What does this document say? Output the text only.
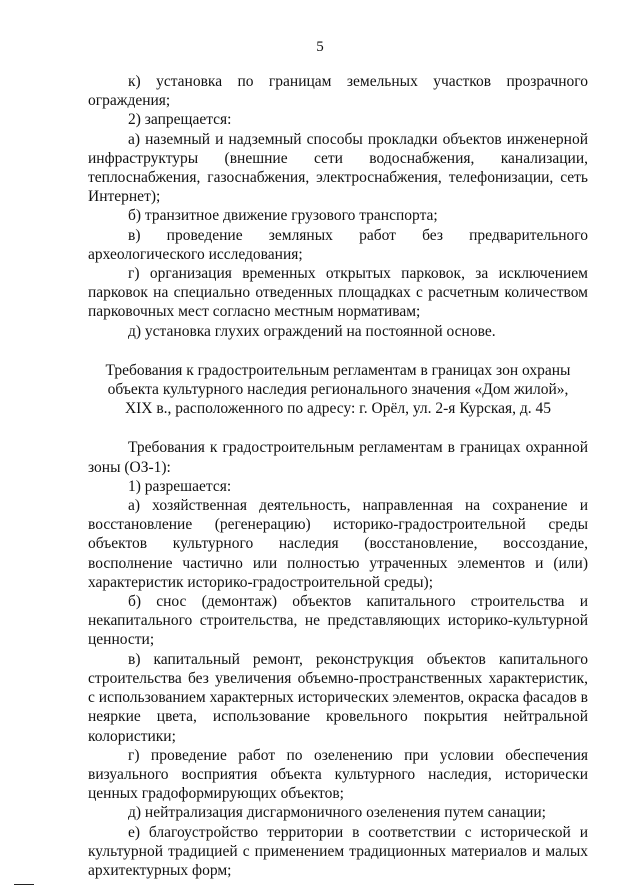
5

к) установка по границам земельных участков прозрачного ограждения;

2) запрещается:

а) наземный и надземный способы прокладки объектов инженерной инфраструктуры (внешние сети водоснабжения, канализации, теплоснабжения, газоснабжения, электроснабжения, телефонизации, сеть Интернет);

б) транзитное движение грузового транспорта;

в) проведение земляных работ без предварительного археологического исследования;

г) организация временных открытых парковок, за исключением парковок на специально отведенных площадках с расчетным количеством парковочных мест согласно местным нормативам;

д) установка глухих ограждений на постоянной основе.

Требования к градостроительным регламентам в границах зон охраны
объекта культурного наследия регионального значения «Дом жилой»,
XIX в., расположенного по адресу: г. Орёл, ул. 2-я Курская, д. 45

Требования к градостроительным регламентам в границах охранной зоны (ОЗ-1):

1) разрешается:

а) хозяйственная деятельность, направленная на сохранение и восстановление (регенерацию) историко-градостроительной среды объектов культурного наследия (восстановление, воссоздание, восполнение частично или полностью утраченных элементов и (или) характеристик историко-градостроительной среды);

б) снос (демонтаж) объектов капитального строительства и некапитального строительства, не представляющих историко-культурной ценности;

в) капитальный ремонт, реконструкция объектов капитального строительства без увеличения объемно-пространственных характеристик, с использованием характерных исторических элементов, окраска фасадов в неяркие цвета, использование кровельного покрытия нейтральной колористики;

г) проведение работ по озеленению при условии обеспечения визуального восприятия объекта культурного наследия, исторически ценных градоформирующих объектов;

д) нейтрализация дисгармоничного озеленения путем санации;

е) благоустройство территории в соответствии с исторической и культурной традицией с применением традиционных материалов и малых архитектурных форм;
